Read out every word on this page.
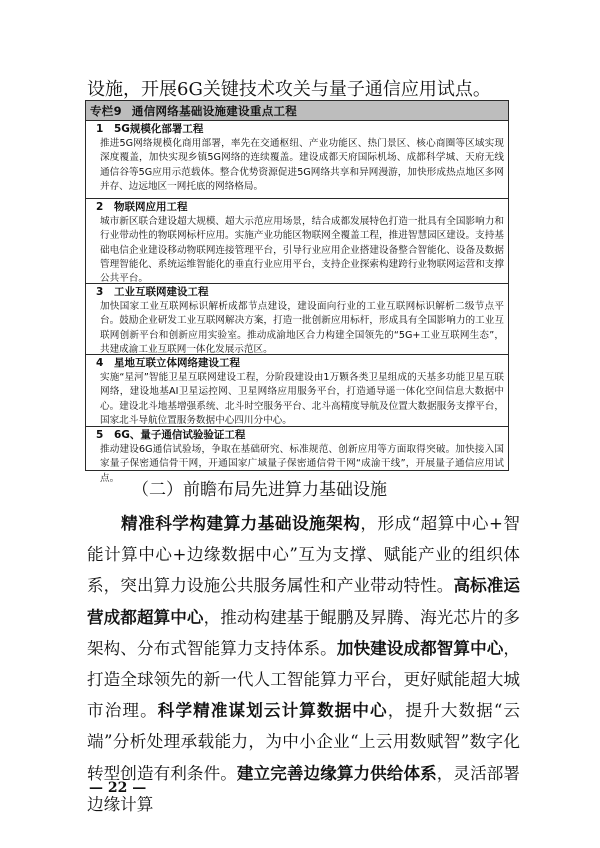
设施，开展6G关键技术攻关与量子通信应用试点。

专栏9 通信网络基础设施建设重点工程
1 5G规模化部署工程

推进5G网络规模化商用部署，率先在交通枢纽、产业功能区、热门景区、核心商圈等区域实现深度覆盖，加快实现乡镇5G网络的连续覆盖。建设成都天府国际机场、成都科学城、天府无线通信谷等5G应用示范载体。整合优势资源促进5G网络共享和异网漫游，加快形成热点地区多网并存、边远地区一网托底的网络格局。

2 物联网应用工程

城市新区联合建设超大规模、超大示范应用场景，结合成都发展特色打造一批具有全国影响力和行业带动性的物联网标杆应用。实施产业功能区物联网全覆盖工程，推进智慧园区建设。支持基础电信企业建设移动物联网连接管理平台，引导行业应用企业搭建设备整合智能化、设备及数据管理智能化、系统运维智能化的垂直行业应用平台，支持企业探索构建跨行业物联网运营和支撑公共平台。

3 工业互联网建设工程

加快国家工业互联网标识解析成都节点建设，建设面向行业的工业互联网标识解析二级节点平台。鼓励企业研发工业互联网解决方案，打造一批创新应用标杆，形成具有全国影响力的工业互联网创新平台和创新应用实验室。推动成渝地区合力构建全国领先的“5G+工业互联网生态”，共建成渝工业互联网一体化发展示范区。

4 星地互联立体网络建设工程

实施“星河”智能卫星互联网建设工程，分阶段建设由1万颗各类卫星组成的天基多功能卫星互联网络，建设地基AI卫星运控网、卫星网络应用服务平台，打造通导遥一体化空间信息大数据中心。建设北斗地基增强系统、北斗时空服务平台、北斗高精度导航及位置大数据服务支撑平台，国家北斗导航位置服务数据中心四川分中心。

5 6G、量子通信试验验证工程

推动建设6G通信试验场，争取在基础研究、标准规范、创新应用等方面取得突破。加快接入国家量子保密通信骨干网，开通国家广域量子保密通信骨干网“成渝干线”，开展量子通信应用试点。

（二）前瞻布局先进算力基础设施

精准科学构建算力基础设施架构，形成“超算中心+智能计算中心+边缘数据中心”互为支撑、赋能产业的组织体系，突出算力设施公共服务属性和产业带动特性。高标准运营成都超算中心，推动构建基于鲲鹏及昇腾、海光芯片的多架构、分布式智能算力支持体系。加快建设成都智算中心，打造全球领先的新一代人工智能算力平台，更好赋能超大城市治理。科学精准谋划云计算数据中心，提升大数据“云端”分析处理承载能力，为中小企业“上云用数赋智”数字化转型创造有利条件。建立完善边缘算力供给体系，灵活部署边缘计算

— 22 —
